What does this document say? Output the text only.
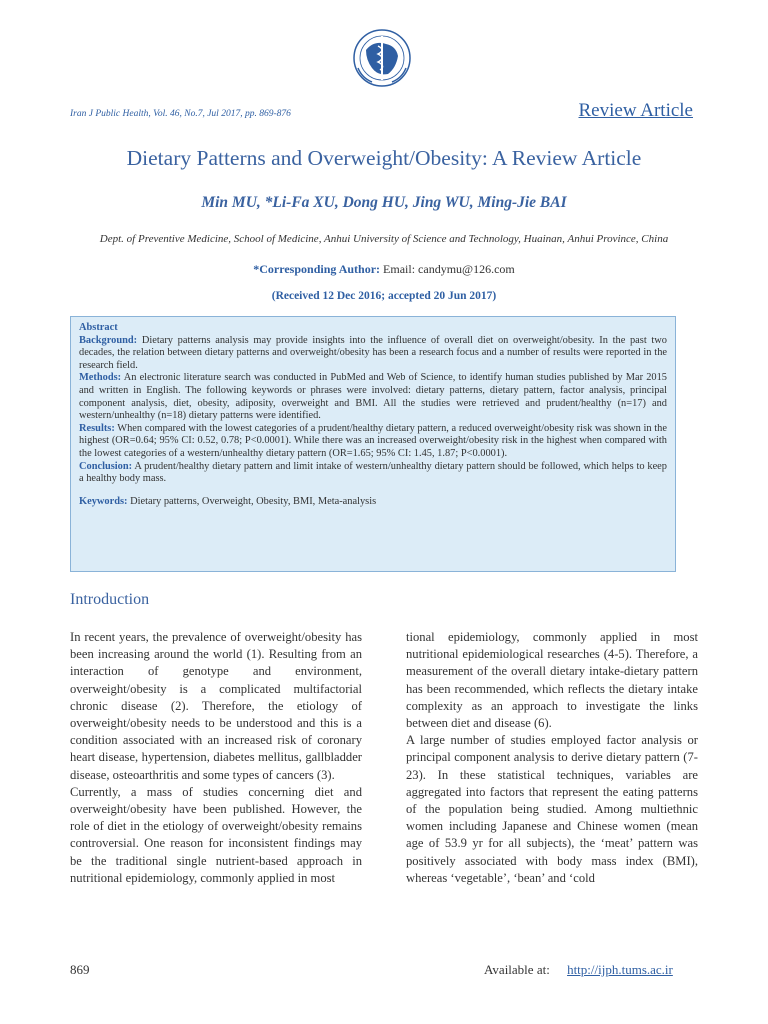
Iran J Public Health, Vol. 46, No.7, Jul 2017, pp. 869-876	Review Article
Dietary Patterns and Overweight/Obesity: A Review Article
Min MU, *Li-Fa XU, Dong HU, Jing WU, Ming-Jie BAI
Dept. of Preventive Medicine, School of Medicine, Anhui University of Science and Technology, Huainan, Anhui Province, China
*Corresponding Author: Email: candymu@126.com
(Received 12 Dec 2016; accepted 20 Jun 2017)

Abstract

Background: Dietary patterns analysis may provide insights into the influence of overall diet on overweight/obesity. In the past two decades, the relation between dietary patterns and overweight/obesity has been a research focus and a number of results were reported in the research field.

Methods: An electronic literature search was conducted in PubMed and Web of Science, to identify human studies published by Mar 2015 and written in English. The following keywords or phrases were involved: dietary patterns, dietary pattern, factor analysis, principal component analysis, diet, obesity, adiposity, overweight and BMI. All the studies were retrieved and prudent/healthy (n=17) and western/unhealthy (n=18) dietary patterns were identified.

Results: When compared with the lowest categories of a prudent/healthy dietary pattern, a reduced overweight/obesity risk was shown in the highest (OR=0.64; 95% CI: 0.52, 0.78; P<0.0001). While there was an increased overweight/obesity risk in the highest when compared with the lowest categories of a western/unhealthy dietary pattern (OR=1.65; 95% CI: 1.45, 1.87; P<0.0001).

Conclusion: A prudent/healthy dietary pattern and limit intake of western/unhealthy dietary pattern should be followed, which helps to keep a healthy body mass.

Keywords: Dietary patterns, Overweight, Obesity, BMI, Meta-analysis

Introduction

In recent years, the prevalence of overweight/obesity has been increasing around the world (1). Resulting from an interaction of genotype and environment, overweight/obesity is a complicated multifactorial chronic disease (2). Therefore, the etiology of overweight/obesity needs to be understood and this is a condition associated with an increased risk of coronary heart disease, hypertension, diabetes mellitus, gallbladder disease, osteoarthritis and some types of cancers (3).

Currently, a mass of studies concerning diet and overweight/obesity have been published. However, the role of diet in the etiology of overweight/obesity remains controversial. One reason for inconsistent findings may be the traditional single nutrient-based approach in nutritional epidemiology, commonly applied in most

tional epidemiology, commonly applied in most nutritional epidemiological researches (4-5). Therefore, a measurement of the overall dietary intake-dietary pattern has been recommended, which reflects the dietary intake complexity as an approach to investigate the links between diet and disease (6).

A large number of studies employed factor analysis or principal component analysis to derive dietary pattern (7-23). In these statistical techniques, variables are aggregated into factors that represent the eating patterns of the population being studied. Among multiethnic women including Japanese and Chinese women (mean age of 53.9 yr for all subjects), the ‘meat’ pattern was positively associated with body mass index (BMI), whereas ‘vegetable’, ‘bean’ and ‘cold

869	Available at: http://ijph.tums.ac.ir
